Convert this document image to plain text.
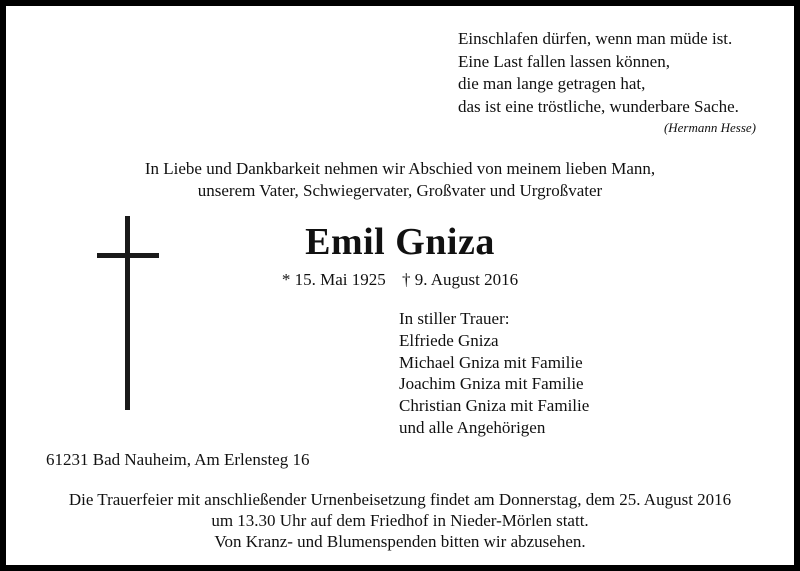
Einschlafen dürfen, wenn man müde ist.
Eine Last fallen lassen können,
die man lange getragen hat,
das ist eine tröstliche, wunderbare Sache.
(Hermann Hesse)
In Liebe und Dankbarkeit nehmen wir Abschied von meinem lieben Mann,
unserem Vater, Schwiegervater, Großvater und Urgroßvater
Emil Gniza
* 15. Mai 1925 † 9. August 2016
In stiller Trauer:
Elfriede Gniza
Michael Gniza mit Familie
Joachim Gniza mit Familie
Christian Gniza mit Familie
und alle Angehörigen
61231 Bad Nauheim, Am Erlensteg 16
Die Trauerfeier mit anschließender Urnenbeisetzung findet am Donnerstag, dem 25. August 2016
um 13.30 Uhr auf dem Friedhof in Nieder-Mörlen statt.
Von Kranz- und Blumenspenden bitten wir abzusehen.
